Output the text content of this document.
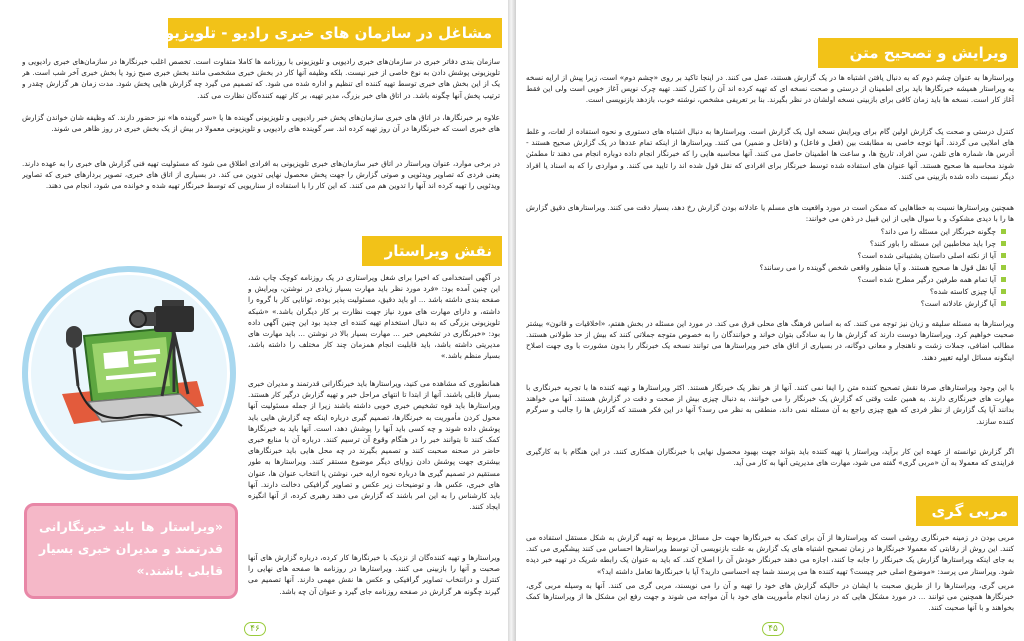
مشاغل در سازمان های خبری رادیو - تلویزیونی
سازمان بندی دفاتر خبری در سازمان‌های خبری رادیویی و تلویزیونی با روزنامه ها کاملا متفاوت است. تخصص اغلب خبرنگارها در سازمان‌های خبری رادیویی و تلویزیونی پوشش دادن به نوع خاصی از خبر نیست. بلکه وظیفه آنها کار در بخش خبری مشخصی مانند بخش خبری صبح زود یا بخش خبری آخر شب است. هر یک از این بخش های خبری توسط تهیه کننده ای تنظیم و اداره شده می شود. که تصمیم می گیرد چه گزارش هایی پخش شود. مدت زمان هر گزارش چقدر و ترتیب پخش آنها چگونه باشد. در اتاق های خبر بزرگ، مدیر تهیه، بر کار تهیه کننده‌گان نظارت می کند.
علاوه بر خبرنگارها، در اتاق های خبری سازمان‌های پخش خبر رادیویی و تلویزیونی گوینده ها یا «سر گوینده ها» نیز حضور دارند. که وظیفه شان خواندن گزارش های خبری است که خبرنگارها در آن روز تهیه کرده اند. سر گوینده های رادیویی و تلویزیونی معمولا در بیش از یک بخش خبری در روز ظاهر می شوند.
در برخی موارد، عنوان ویراستار در اتاق خبر سازمان‌های خبری تلویزیونی به افرادی اطلاق می شود که مسئولیت تهیه فنی گزارش های خبری را به عهده دارند. یعنی فردی که تصاویر ویدئویی و صوتی گزارش را جهت پخش محصول نهایی تدوین می کند. در بسیاری از اتاق های خبری، تصویر بردارهای خبری که تصاویر ویدئویی را تهیه کرده اند آنها را تدوین هم می کنند. که این کار را با استفاده از سناریویی که توسط خبرنگار تهیه شده و خوانده می شود، انجام می دهند.
نقش ویراستار
در آگهی استخدامی که اخیرا برای شغل ویراستاری در یک روزنامه کوچک چاپ شد، این چنین آمده بود: «فرد مورد نظر باید مهارت بسیار زیادی در نوشتن، ویرایش و صفحه بندی داشته باشد ... او باید دقیق، مسئولیت پذیر بوده، توانایی کار با گروه را داشته، و دارای مهارت های مورد نیاز جهت نظارت بر کار دیگران باشد.» «شبکه تلویزیونی بزرگی که به دنبال استخدام تهیه کننده ای جدید بود این چنین آگهی داده بود: «خبرنگاری در تشخیص خبر ... مهارت بسیار بالا در نوشتن ... باید مهارت های مدیریتی داشته باشد، باید قابلیت انجام همزمان چند کار مختلف را داشته باشد، بسیار منظم باشد.»
همانطوری که مشاهده می کنید، ویراستارها باید خبرنگارانی قدرتمند و مدیران خبری بسیار قابلی باشند. آنها از ابتدا تا انتهای مراحل خبر و تهیه گزارش درگیر کار هستند. ویراستارها باید قوه تشخیص خبری خوبی داشته باشند زیرا از جمله مسئولیت آنها محول کردن مأموریت به خبرنگارها، تصمیم گیری درباره اینکه چه گزارش هایی باید پوشش داده شوند و چه کسی باید آنها را پوشش دهد، است. آنها باید به خبرنگارها کمک کنند تا بتوانند خبر را در هنگام وقوع آن ترسیم کنند. درباره آن با منابع خبری حاضر در صحنه صحبت کنند و تصمیم بگیرند در چه محل هایی باید خبرنگارهای بیشتری جهت پوشش دادن زوایای دیگر موضوع مستقر کنند. ویراستارها به طور مستقیم در تصمیم گیری ها درباره نحوه ارایه خبر، نوشتن یا انتخاب عنوان ها، عنوان های خبری، عکس ها، و توضیحات زیر عکس و تصاویر گرافیکی دخالت دارند. آنها باید کارشناس را به این امر باشند که گزارش می دهند رهبری کرده، از آنها انگیزه ایجاد کنند.
ویراستارها و تهیه کننده‌گان از نزدیک با خبرنگارها کار کرده، درباره گزارش های آنها صحبت و آنها را بازبینی می کنند. ویراستارها در روزنامه ها صفحه های نهایی را کنترل و درانتخاب تصاویر گرافیکی و عکس ها نقش مهمی دارند. آنها تصمیم می گیرند چگونه هر گزارش در صفحه روزنامه جای گیرد و عنوان آن چه باشد.
«ویراستار ها باید خبرنگارانی قدرتمند و مدیران خبری بسیار قابلی باشند.»
۴۶
ویرایش و تصحیح متن
ویراستارها به عنوان چشم دوم که به دنبال یافتن اشتباه ها در یک گزارش هستند، عمل می کنند. در اینجا تاکید بر روی «چشم دوم» است، زیرا پیش از ارایه نسخه به ویراستار همیشه خبرنگارها باید برای اطمینان از درستی و صحت نسخه ای که تهیه کرده اند آن را کنترل کنند. تهیه چرک نویس آغاز خوبی است ولی این فقط آغاز کار است. نسخه ها باید زمان کافی برای بازبینی نسخه اولشان در نظر بگیرند. بنا بر تعریفی مشخص، نوشته خوب، بازدهد بازنویسی است.
کنترل درستی و صحت یک گزارش اولین گام برای ویرایش نسخه اول یک گزارش است. ویراستارها به دنبال اشتباه های دستوری و نحوه استفاده از لغات، و غلط های املایی می گردند. آنها توجه خاصی به مطابقت بین (فعل و فاعل) و (فاعل و ضمیر) می کنند. ویراستارها از اینکه تمام عددها در یک گزارش صحیح هستند - آدرس ها، شماره های تلفن، سن افراد، تاریخ ها، و ساعت ها اطمینان حاصل می کنند. آنها محاسبه هایی را که خبرنگار انجام داده دوباره انجام می دهند تا مطمئن شوند محاسبه ها صحیح هستند. آنها عنوان های استفاده شده توسط خبرنگار برای افرادی که نقل قول شده اند را تایید می کنند. و مواردی را که به اسناد یا افراد دیگر نسبت داده شده بازبینی می کنند.
همچنین ویراستارها نسبت به خطاهایی که ممکن است در مورد واقعیت های مسلم یا عادلانه بودن گزارش رخ دهد، بسیار دقت می کنند. ویراستارهای دقیق گزارش ها را با دیدی مشکوک و با سوال هایی از این قبیل در ذهن می خوانند:
چگونه خبرنگار این مسئله را می داند؟
چرا باید مخاطبین این مسئله را باور کنند؟
آیا از نکته اصلی داستان پشتیبانی شده است؟
آیا نقل قول ها صحیح هستند. و آیا منظور واقعی شخص گوینده را می رسانند؟
آیا تمام همه طرفین درگیر مطرح شده است؟
آیا چیزی کاسته شده؟
آیا گزارش عادلانه است؟
ویراستارها به مسئله سلیقه و زبان نیز توجه می کنند. که به اساس فرهنگ های محلی فرق می کند. در مورد این مسئله در بخش هفتم، «اخلاقیات و قانون» بیشتر صحبت خواهیم کرد. ویراستارها دوست دارند که گزارش ها را به سادگی بتوان خواند و خوانندگان را به خصوص متوجه جملاتی کنند که بیش از حد طولانی هستند. مطالب اضافی، جملات زشت و ناهنجار و معانی دوگانه، در بسیاری از اتاق های خبر ویراستارها می توانند نسخه یک خبرنگار را بدون مشورت با وی جهت اصلاح اینگونه مسائل اولیه تغییر دهند.
با این وجود ویراستارهای صرفا نقش تصحیح کننده متن را ایفا نمی کنند. آنها از هر نظر یک خبرنگار هستند. اکثر ویراستارها و تهیه کننده ها با تجربه خبرنگاری با مهارت های خبرنگاری دارند. به همین علت وقتی که گزارش یک خبرنگار را می خوانند، به دنبال چیزی بیش از صحت و دقت در گزارش هستند. آنها می خواهند بدانند آیا یک گزارش از نظر فردی که هیچ چیزی راجع به آن مسئله نمی داند، منطقی به نظر می رسد؟ آنها در این فکر هستند که گزارش ها را جالب و سرگرم کننده سازند.
اگر گزارش توانسته از عهده این کار برآید، ویراستار یا تهیه کننده باید بتواند جهت بهبود محصول نهایی با خبرنگاران همکاری کنند. در این هنگام با به کارگیری فرایندی که معمولا به آن «مربی گری» گفته می شود، مهارت های مدیریتی آنها به کار می آید.
مربی گری
مربی بودن در زمینه خبرنگاری روشی است که ویراستارها از آن برای کمک به خبرنگارها جهت حل مسائل مربوط به تهیه گزارش به شکل مستقل استفاده می کنند. این روش از رقابتی که معمولا خبرنگارها در زمان تصحیح اشتباه های یک گزارش به علت بازنویسی آن توسط ویراستارها احساس می کنند پیشگیری می کند. به جای اینکه ویراستارها گزارش یک خبرنگار را جابه جا کنند، اجازه می دهند خبرنگار خودش آن را اصلاح کند. که باید به عنوان یک رابطه شریک در تهیه خبر دیده شود. ویراستار می پرسد: «موضوع اصلی خبر چیست؟ تهیه کننده ها می پرسند شما چه احساسی دارید؟ آیا با خبرنگارها تعامل داشته اید؟»
مربی گری، ویراستارها را از طریق صحبت با ایشان در حالیکه گزارش های خود را تهیه و آن را می نویسند، مربی گری می کنند. آنها به وسیله مربی گری، خبرنگارها همچنین می توانند ... در مورد مشکل هایی که در زمان انجام مأموریت های خود با آن مواجه می شوند و جهت رفع این مشکل ها از ویراستارها کمک بخواهند و با آنها صحبت کنند.
۴۵
